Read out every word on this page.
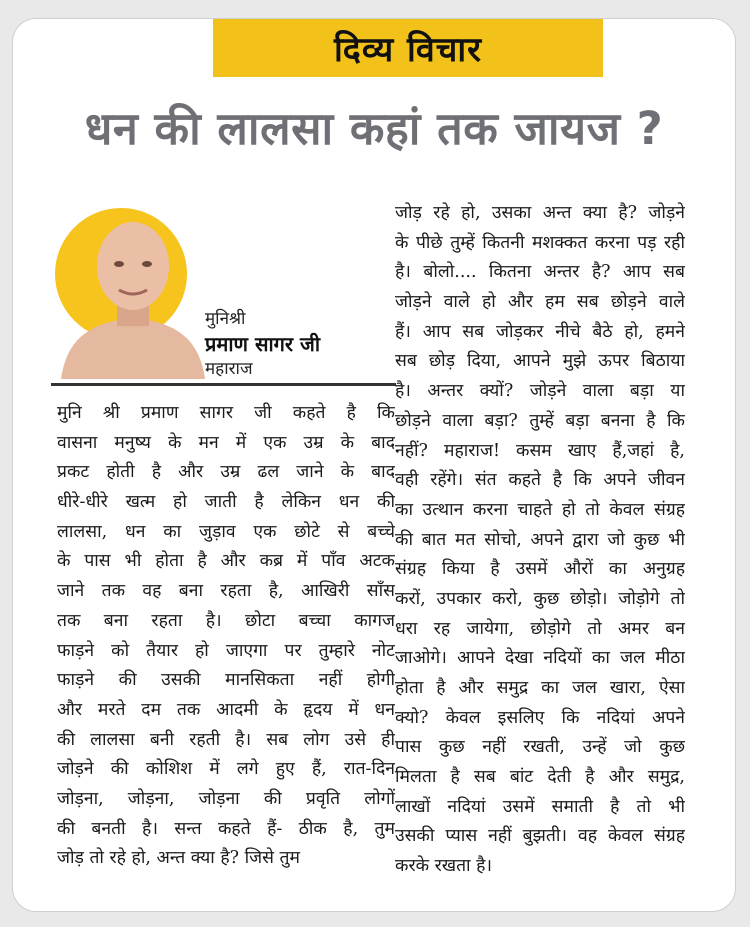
दिव्य विचार
धन की लालसा कहां तक जायज ?
मुनिश्री
प्रमाण सागर जी
महाराज
मुनि श्री प्रमाण सागर जी कहते है कि
वासना मनुष्य के मन में एक उम्र के बाद
प्रकट होती है और उम्र ढल जाने के बाद
धीरे-धीरे खत्म हो जाती है लेकिन धन की
लालसा, धन का जुड़ाव एक छोटे से बच्चे
के पास भी होता है और कब्र में पाँव अटक
जाने तक वह बना रहता है, आखिरी साँस
तक बना रहता है। छोटा बच्चा कागज
फाड़ने को तैयार हो जाएगा पर तुम्हारे नोट
फाड़ने की उसकी मानसिकता नहीं होगी
और मरते दम तक आदमी के हृदय में धन
की लालसा बनी रहती है। सब लोग उसे ही
जोड़ने की कोशिश में लगे हुए हैं, रात-दिन
जोड़ना, जोड़ना, जोड़ना की प्रवृति लोगों
की बनती है। सन्त कहते हैं- ठीक है, तुम
जोड़ तो रहे हो, अन्त क्या है? जिसे तुम
जोड़ रहे हो, उसका अन्त क्या है? जोड़ने
के पीछे तुम्हें कितनी मशक्कत करना पड़ रही
है। बोलो.... कितना अन्तर है? आप सब
जोड़ने वाले हो और हम सब छोड़ने वाले
हैं। आप सब जोड़कर नीचे बैठे हो, हमने
सब छोड़ दिया, आपने मुझे ऊपर बिठाया
है। अन्तर क्यों? जोड़ने वाला बड़ा या
छोड़ने वाला बड़ा? तुम्हें बड़ा बनना है कि
नहीं? महाराज! कसम खाए हैं,जहां है,
वही रहेंगे। संत कहते है कि अपने जीवन
का उत्थान करना चाहते हो तो केवल संग्रह
की बात मत सोचो, अपने द्वारा जो कुछ भी
संग्रह किया है उसमें औरों का अनुग्रह
करों, उपकार करो, कुछ छोड़ो। जोड़ोगे तो
धरा रह जायेगा, छोड़ोगे तो अमर बन
जाओगे। आपने देखा नदियों का जल मीठा
होता है और समुद्र का जल खारा, ऐसा
क्यो? केवल इसलिए कि नदियां अपने
पास कुछ नहीं रखती, उन्हें जो कुछ
मिलता है सब बांट देती है और समुद्र,
लाखों नदियां उसमें समाती है तो भी
उसकी प्यास नहीं बुझती। वह केवल संग्रह
करके रखता है।
